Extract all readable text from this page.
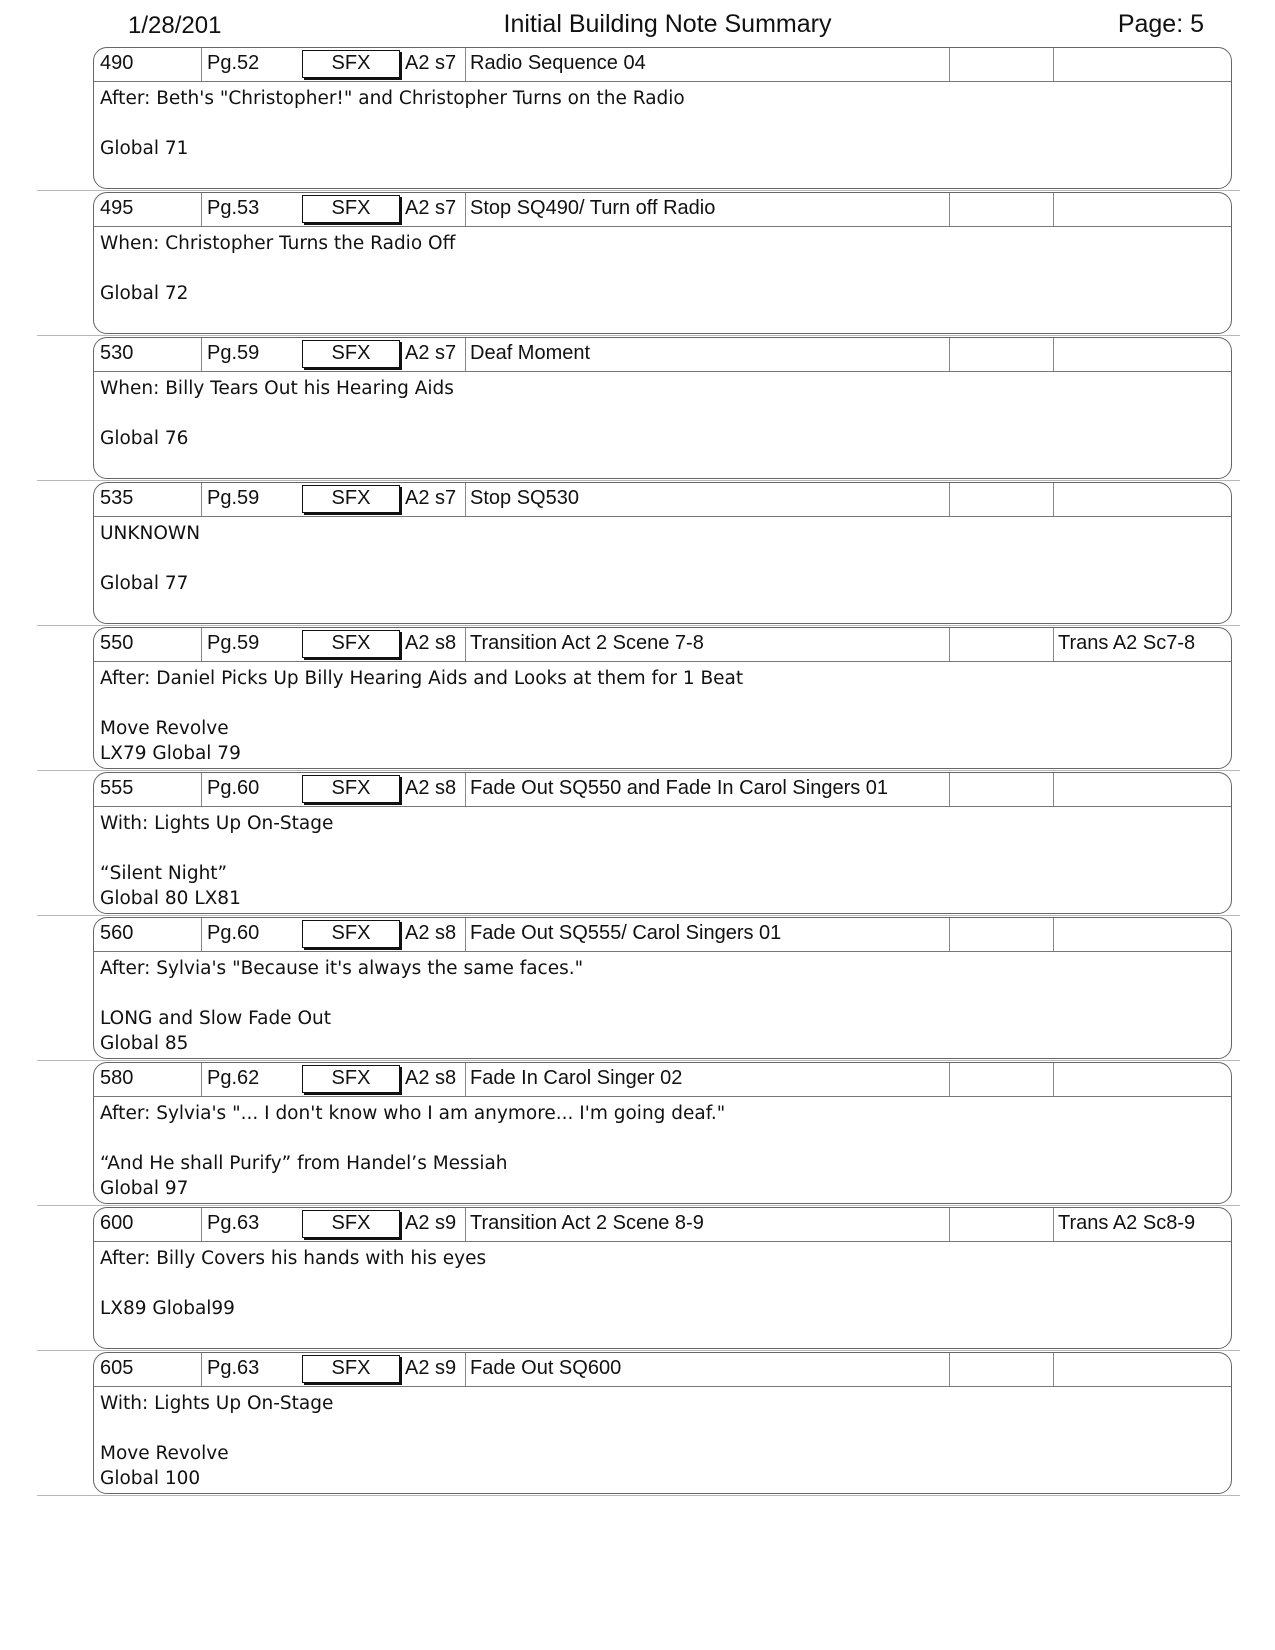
1/28/201	Initial Building Note Summary	Page: 5
490	Pg.52	SFX	A2 s7 Radio Sequence 04
After: Beth's "Christopher!" and Christopher Turns on the Radio
Global 71
495	Pg.53	SFX	A2 s7 Stop SQ490/ Turn off Radio
When: Christopher Turns the Radio Off
Global 72
530	Pg.59	SFX	A2 s7 Deaf Moment
When: Billy Tears Out his Hearing Aids
Global 76
535	Pg.59	SFX	A2 s7 Stop SQ530
UNKNOWN
Global 77
550	Pg.59	SFX	A2 s8 Transition Act 2 Scene 7-8	Trans A2 Sc7-8
After: Daniel Picks Up Billy Hearing Aids and Looks at them for 1 Beat
Move Revolve
LX79 Global 79
555	Pg.60	SFX	A2 s8 Fade Out SQ550 and Fade In Carol Singers 01
With: Lights Up On-Stage
“Silent Night”
Global 80 LX81
560	Pg.60	SFX	A2 s8 Fade Out SQ555/ Carol Singers 01
After: Sylvia's "Because it's always the same faces."
LONG and Slow Fade Out
Global 85
580	Pg.62	SFX	A2 s8 Fade In Carol Singer 02
After: Sylvia's "... I don't know who I am anymore... I'm going deaf."
“And He shall Purify” from Handel’s Messiah
Global 97
600	Pg.63	SFX	A2 s9 Transition Act 2 Scene 8-9	Trans A2 Sc8-9
After: Billy Covers his hands with his eyes
LX89 Global99
605	Pg.63	SFX	A2 s9 Fade Out SQ600
With: Lights Up On-Stage
Move Revolve
Global 100
